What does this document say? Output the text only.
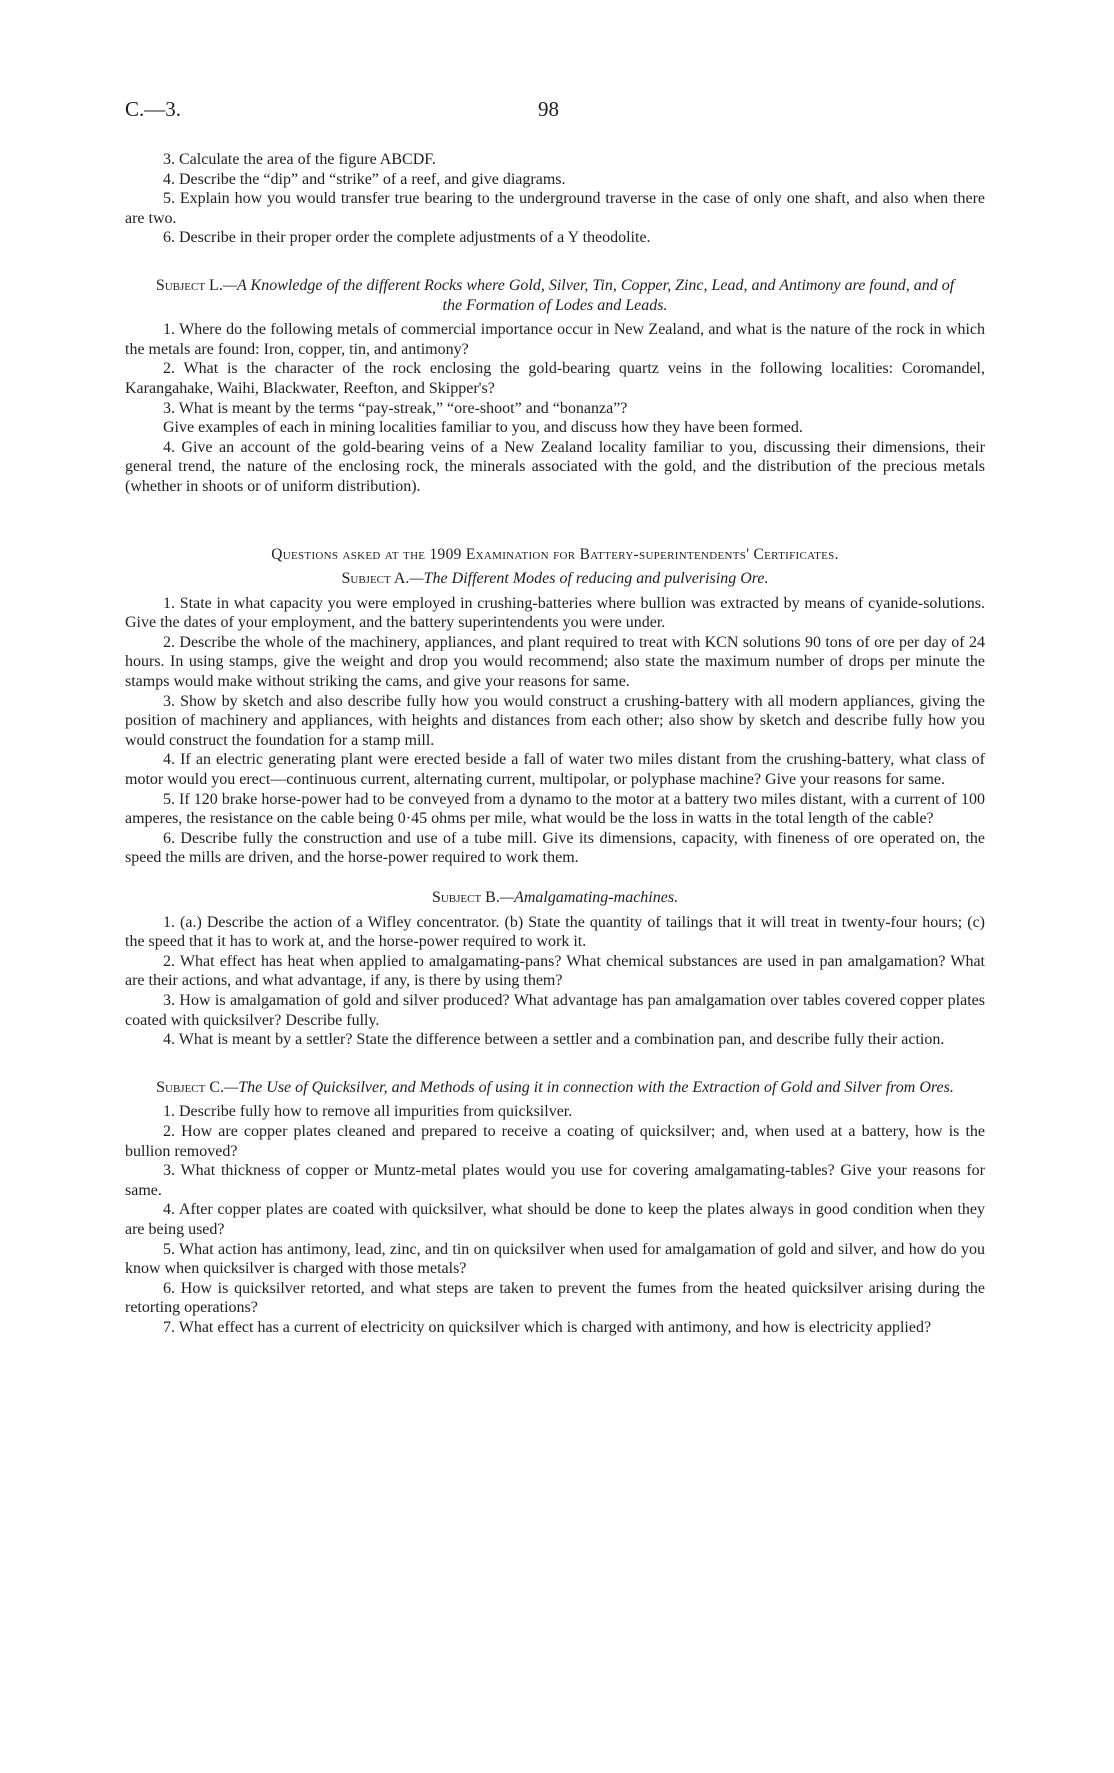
C.—3.	98

3. Calculate the area of the figure ABCDF.

4. Describe the “dip” and “strike” of a reef, and give diagrams.

5. Explain how you would transfer true bearing to the underground traverse in the case of only one shaft, and also when there are two.

6. Describe in their proper order the complete adjustments of a Y theodolite.

Subject L.—A Knowledge of the different Rocks where Gold, Silver, Tin, Copper, Zinc, Lead, and Antimony are found, and of the Formation of Lodes and Leads.

1. Where do the following metals of commercial importance occur in New Zealand, and what is the nature of the rock in which the metals are found: Iron, copper, tin, and antimony?

2. What is the character of the rock enclosing the gold-bearing quartz veins in the following localities: Coromandel, Karangahake, Waihi, Blackwater, Reefton, and Skipper's?

3. What is meant by the terms “pay-streak,” “ore-shoot” and “bonanza”?

Give examples of each in mining localities familiar to you, and discuss how they have been formed.

4. Give an account of the gold-bearing veins of a New Zealand locality familiar to you, discussing their dimensions, their general trend, the nature of the enclosing rock, the minerals associated with the gold, and the distribution of the precious metals (whether in shoots or of uniform distribution).

Questions asked at the 1909 Examination for Battery-superintendents' Certificates.

Subject A.—The Different Modes of reducing and pulverising Ore.

1. State in what capacity you were employed in crushing-batteries where bullion was extracted by means of cyanide-solutions. Give the dates of your employment, and the battery superintendents you were under.

2. Describe the whole of the machinery, appliances, and plant required to treat with KCN solutions 90 tons of ore per day of 24 hours. In using stamps, give the weight and drop you would recommend; also state the maximum number of drops per minute the stamps would make without striking the cams, and give your reasons for same.

3. Show by sketch and also describe fully how you would construct a crushing-battery with all modern appliances, giving the position of machinery and appliances, with heights and distances from each other; also show by sketch and describe fully how you would construct the foundation for a stamp mill.

4. If an electric generating plant were erected beside a fall of water two miles distant from the crushing-battery, what class of motor would you erect—continuous current, alternating current, multipolar, or polyphase machine? Give your reasons for same.

5. If 120 brake horse-power had to be conveyed from a dynamo to the motor at a battery two miles distant, with a current of 100 amperes, the resistance on the cable being 0·45 ohms per mile, what would be the loss in watts in the total length of the cable?

6. Describe fully the construction and use of a tube mill. Give its dimensions, capacity, with fineness of ore operated on, the speed the mills are driven, and the horse-power required to work them.

Subject B.—Amalgamating-machines.

1. (a.) Describe the action of a Wifley concentrator. (b) State the quantity of tailings that it will treat in twenty-four hours; (c) the speed that it has to work at, and the horse-power required to work it.

2. What effect has heat when applied to amalgamating-pans? What chemical substances are used in pan amalgamation? What are their actions, and what advantage, if any, is there by using them?

3. How is amalgamation of gold and silver produced? What advantage has pan amalgamation over tables covered copper plates coated with quicksilver? Describe fully.

4. What is meant by a settler? State the difference between a settler and a combination pan, and describe fully their action.

Subject C.—The Use of Quicksilver, and Methods of using it in connection with the Extraction of Gold and Silver from Ores.

1. Describe fully how to remove all impurities from quicksilver.

2. How are copper plates cleaned and prepared to receive a coating of quicksilver; and, when used at a battery, how is the bullion removed?

3. What thickness of copper or Muntz-metal plates would you use for covering amalgamating-tables? Give your reasons for same.

4. After copper plates are coated with quicksilver, what should be done to keep the plates always in good condition when they are being used?

5. What action has antimony, lead, zinc, and tin on quicksilver when used for amalgamation of gold and silver, and how do you know when quicksilver is charged with those metals?

6. How is quicksilver retorted, and what steps are taken to prevent the fumes from the heated quicksilver arising during the retorting operations?

7. What effect has a current of electricity on quicksilver which is charged with antimony, and how is electricity applied?
